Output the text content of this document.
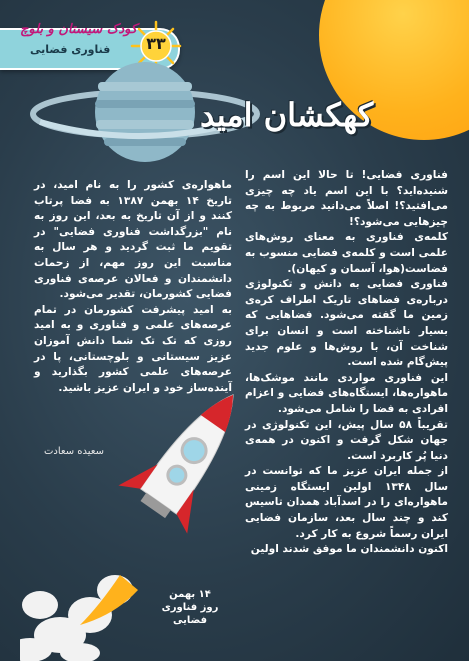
۳۳
کودک سیستان و بلوچ
فناوری فضایی
کهکشان امید

فناوری فضایی! تا حالا این اسم را شنیده‌اید؟ با این اسم یاد چه چیزی می‌افتید؟! اصلاً می‌دانید مربوط به چه چیزهایی می‌شود؟!

کلمه‌ی فناوری به معنای روش‌های علمی است و کلمه‌ی فضایی منسوب به فضاست(هوا، آسمان و کیهان).

فناوری فضایی به دانش و تکنولوژی درباره‌ی فضاهای تاریک اطراف کره‌ی زمین ما گفته می‌شود. فضاهایی که بسیار ناشناخته است و انسان برای شناخت آن، با روش‌ها و علوم جدید پیش‌گام شده است.

این فناوری مواردی مانند موشک‌ها، ماهواره‌ها، ایستگاه‌های فضایی و اعزام افرادی به فضا را شامل می‌شود.

تقریباً ۵۸ سال پیش، این تکنولوژی در جهان شکل گرفت و اکنون در همه‌ی دنیا پُر کاربرد است.

از جمله ایران عزیز ما که توانست در سال ۱۳۴۸ اولین ایستگاه زمینی ماهواره‌ای را در اسدآباد همدان تاسیس کند و چند سال بعد، سازمان فضایی ایران رسماً شروع به کار کرد.

اکنون دانشمندان ما موفق شدند اولین

ماهواره‌ی کشور را به نام امید، در تاریخ ۱۴ بهمن ۱۳۸۷ به فضا پرتاب کنند و از آن تاریخ به بعد، این روز به نام "بزرگداشت فناوری فضایی" در تقویم ما ثبت گردید و هر سال به مناسبت این روز مهم، از زحمات دانشمندان و فعالان عرصه‌ی فناوری فضایی کشورمان، تقدیر می‌شود.

به امید پیشرفت کشورمان در تمام عرصه‌های علمی و فناوری و به امید روزی که تک تک شما دانش آموزان عزیز سیستانی و بلوچستانی، پا در عرصه‌های علمی کشور بگذارید و آینده‌ساز خود و ایران عزیز باشید.

سعیده سعادت
۱۴ بهمن
روز فناوری فضایی
